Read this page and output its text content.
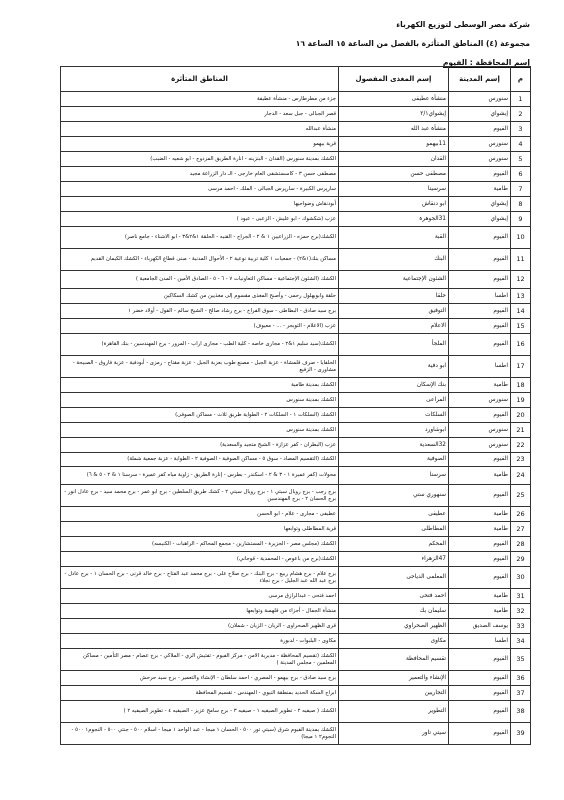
شركة مصر الوسطى لتوزيع الكهرباء
مجموعة (٤) المناطق المتأثرة بالفصل من الساعة ١٥ الساعة ١٦
إسم المحافظة : الفيوم
م	إسم المدينة	إسم المغذى المفصول	المناطق المتأثرة
1	سنورس	منشأة عطيفى	جزء من مطرطارس - منشأة عطيفة
2	إبشواي	إبشواي٢/١	قصر الجبالى - جبل سعد - الدجار
3	الفيوم	منشأة عبد الله	منشأة عبدالله
4	سنورس	11بيهمو	قرية بيهمو
5	سنورس	القدان	الكشك بمدينة سنورس (القدان - البنزينه - انارة الطريق المزدوج - ابو شعيه - الضبب)
6	الفيوم	مصطفى حسن	مصطفى حسن ٣ - كاسستشفى العام خارجى - الـ دار الزراعة مجيد
7	طامية	سرسينا	سارپرس الكبيرة - سارپرس الجبالى - الملك - احمد مرسى
8	إبشواي	ابو دنقاش	أبودنقاش وضواحيها
9	إبشواي	31الجوهرة	عزب (شكشوك - ابو عليش - الزعبى - عيود )
10	الفيوم	القبة	الكشك(برج حمزه - الزراعيين ١ & ٢ - الجراج - القنيه - الحلقة ١&٢&٣ - ابو الاشناء - جامع ناصر)
11	الفيوم	البنك	مساكن بنك(١&٢) - جمعيات ١ كلية تربية نوعية ٢ - الأحوال المدنية - مبنى قطاع الكهرباء - الكشك الكيمان القديم
12	الفيوم	الشئون الإجتماعية	الكشك (الشئون الإجتماعية - مساكن التعاونيات ٧ - ٦ - ٥ - الصادق الأمين - المدن الجامعية )
13	اطسا	حلقا	حلقة وابوبهلول رحمى - وأصبح المغذى مقسوم إلى مغذيين من كشك السكاكين
14	الفيوم	التوفيق	برج سيد صادق - البطاطى - سوق الفراخ - برج رشاد صالح - الشيخ سالم - الفول - أولاد خضر ١
15	الفيوم	الاعلام	عزب (الاعلام - التويجر - ... - معيوف)
16	الفيوم	الملجأ	الكشك(سيد سليم ١&٢ - مجارى خاصه - كلية الطب - مجارى اراب - المرور - برج المهندسين - بنك القاهرة)
17	اطسا	ابو دفية	الحلفايا - صرف قلمشاة - عزبة الجبل - مصنع طوب بعزبة الجبل - عزبة مقتاح - رمزى - أبودفية - عزبة فاروق - الصبيحة - مشاورى - الزفيع
18	طامية	بنك الإسكان	الكشك بمدينة طامية
19	سنورس	المراعى	الكشك بمدينة سنورس
20	الفيوم	السلكات	الكشك (السلكات ١ - السلكات ٢ - الطواية طريق ثلاث - مساكن الصوفى)
21	سنورس	ابوشاورد	الكشك بمدينة سنورس
22	سنورس	32السعدية	عزب (البطران - كفر عزازة - الشيخ متجيد والسعدية)
23	الفيوم	الصوفية	الكشك (التقسيم المصاد - سوق ٥ - مساكن الصوفية - الصوفية ٢ - الطواية - عزبة جمعية شملة)
24	طامية	سرسنا	محولات (كفر عميرة ١ - ٣ & ٢ - اسكندر - بطرس - إنارة الطريق - زاوية مياه كفر عميرة - سرسنا ١ & ٢ - ٥ & ٦)
25	الفيوم	سنهوري ستي	برج رجب - برج رويال سيتي ١ - برج رويال سيتي ٢ - كشك طريق السلطين - برج ابو عمر - برج محمد سيد - برج عادل انور - برج الحسان ٢ - برج المهندسين
26	طامية	عطيفى	عطيفى - مجارى - علام - ابو الحسن
27	طامية	المطاطلى	قرية المطاطلى وتوابعها
28	الفيوم	المحكم	الكشك (مجلس مصر - الجزيرة - المستشارين - مجمع المحاكم - الراهبات - الكنيسه)
29	الفيوم	47الزهراء	الكشك(برج من باعوص - المحمدية - قوجاني)
30	الفيوم	المعلمى الدياحى	برج علام - برج هشام ربيع - برج البنك - برج صلاح على - برج محمد عبد الفتاح - برج خالد قرنى - برج الحسان ١ - برج عادل - برج عبد الله عبد الجليل - برج نجلاء
31	طامية	احمد فتحى	احمد فتحى - عبدالرازق مرسى
32	طامية	سليمان بك	منشأة الجمال - أجزاء من قلهمبة وتوابعها
33	يوسف الصديق	الظهير الصحراوي	قرى الظهير الصحراوى - الريان - الزيان - شملان)
34	اطسا	مكاوى	مكاوى - البلبوات - لدبورة
35	الفيوم	تقسيم المحافظة	الكشك (تقسيم المحافظة - مديرية الامن - مركز الفيوم - تفتيش الري - الملاكي - برج عصام - مصر التأمين - مساكن المعلمين - مجلس المدينة )
36	الفيوم	الإنشاء والتعمير	برج سيد صادق - برج بيهمو - المصري - احمد سلطان - الإنشاء والتعمير - برج سيد حرحش
37	الفيوم	التجاريين	ابراج السكة الحديد بمنطقة النيوي - المهندس - تقسيم المحافظة
38	الفيوم	التطوير	الكشك ( صيفيه ٢ - تطوير الصيفيه ١ - صيفيه ٣ - برج سامح عزيز - الصيفيه ٤ - تطوير الصيفيه ٢ )
39	الفيوم	سيتي تاور	الكشك بمدينة الفيوم شرق (سيتي تور ٥٠٠ - الحسان ١ ميجا - عبد الواحد ١ ميجا - اسلام ٥٠٠ - جنتي ٥٠٠ - النجوم١ ٥٠٠ - النجوم٢ ١ ميجا)
٠
